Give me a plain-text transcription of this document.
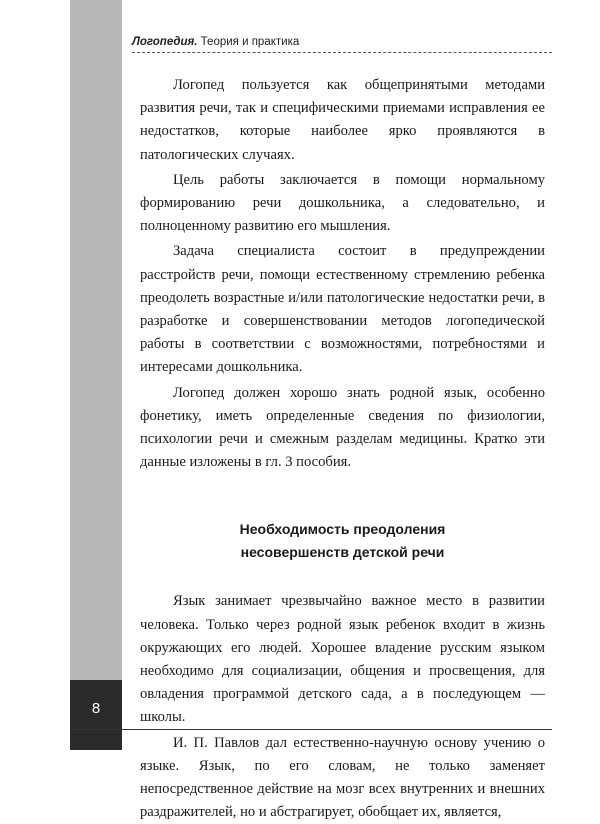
8
Логопедия. Теория и практика

Логопед пользуется как общепринятыми методами развития речи, так и специфическими приемами исправления ее недостатков, которые наиболее ярко проявляются в патологических случаях.

Цель работы заключается в помощи нормальному формированию речи дошкольника, а следовательно, и полноценному развитию его мышления.

Задача специалиста состоит в предупреждении расстройств речи, помощи естественному стремлению ребенка преодолеть возрастные и/или патологические недостатки речи, в разработке и совершенствовании методов логопедической работы в соответствии с возможностями, потребностями и интересами дошкольника.

Логопед должен хорошо знать родной язык, особенно фонетику, иметь определенные сведения по физиологии, психологии речи и смежным разделам медицины. Кратко эти данные изложены в гл. 3 пособия.

Необходимость преодоления
несовершенств детской речи

Язык занимает чрезвычайно важное место в развитии человека. Только через родной язык ребенок входит в жизнь окружающих его людей. Хорошее владение русским языком необходимо для социализации, общения и просвещения, для овладения программой детского сада, а в последующем — школы.

И. П. Павлов дал естественно-научную основу учению о языке. Язык, по его словам, не только заменяет непосредственное действие на мозг всех внутренних и внешних раздражителей, но и абстрагирует, обобщает их, является,
